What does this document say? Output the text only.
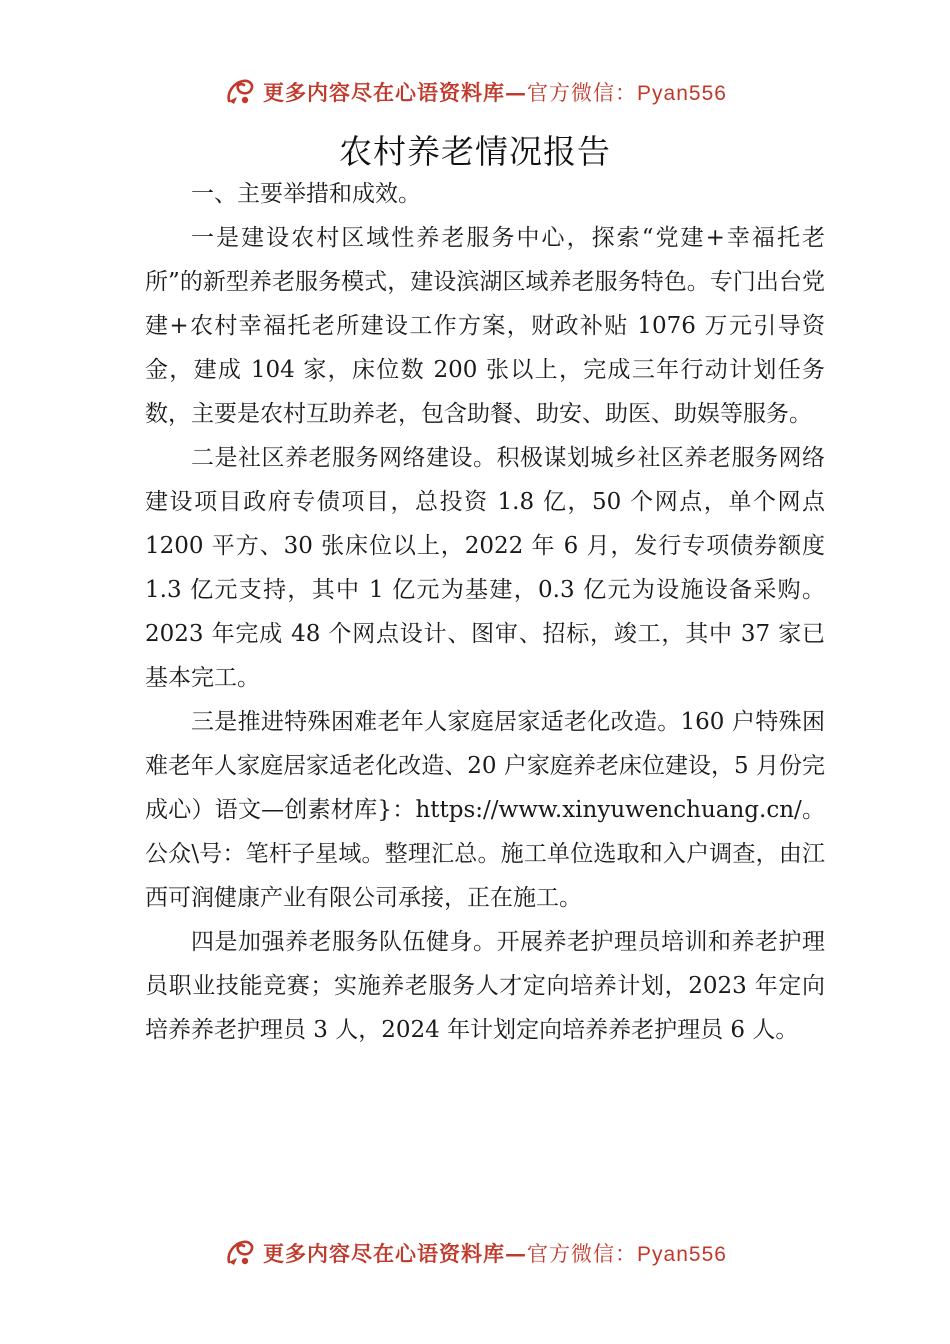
更多内容尽在心语资料库 — 官方微信：Pyan556
农村养老情况报告

一、主要举措和成效。

一是建设农村区域性养老服务中心，探索“党建+幸福托老所”的新型养老服务模式，建设滨湖区域养老服务特色。专门出台党建+农村幸福托老所建设工作方案，财政补贴 1076 万元引导资金，建成 104 家，床位数 200 张以上，完成三年行动计划任务数，主要是农村互助养老，包含助餐、助安、助医、助娱等服务。

二是社区养老服务网络建设。积极谋划城乡社区养老服务网络建设项目政府专债项目，总投资 1.8 亿，50 个网点，单个网点 1200 平方、30 张床位以上，2022 年 6 月，发行专项债券额度 1.3 亿元支持，其中 1 亿元为基建，0.3 亿元为设施设备采购。2023 年完成 48 个网点设计、图审、招标，竣工，其中 37 家已基本完工。

三是推进特殊困难老年人家庭居家适老化改造。160 户特殊困难老年人家庭居家适老化改造、20 户家庭养老床位建设，5 月份完成心）语文—创素材库}：https://www.xinyuwenchuang.cn/。公众\号：笔杆子星域。整理汇总。施工单位选取和入户调查，由江西可润健康产业有限公司承接，正在施工。

四是加强养老服务队伍健身。开展养老护理员培训和养老护理员职业技能竞赛；实施养老服务人才定向培养计划，2023 年定向培养养老护理员 3 人，2024 年计划定向培养养老护理员 6 人。

更多内容尽在心语资料库 — 官方微信：Pyan556
